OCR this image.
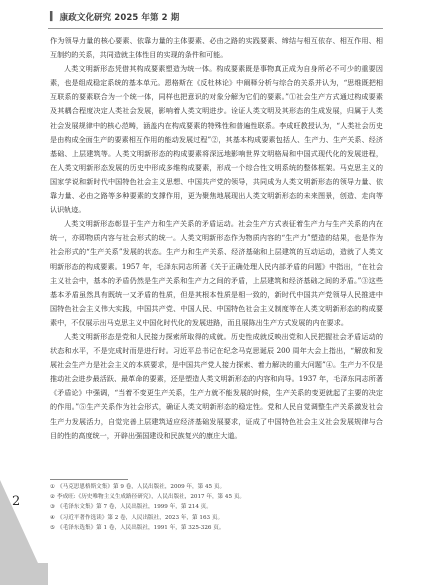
▍ 康政文化研究 2025 年第 2 期

作为领导力量的核心要素、依靠力量的主体要素、必由之路的实践要素、缔结与相互依存、相互作用、相互制约的关系，共同造就主体性目的实现的条件和可能。

人类文明新形态凭借其构成要素塑造为统一体。构成要素既是事物真正成为自身所必不可少的重要因素，也是组成稳定系统的基本单元。恩格斯在《反杜林论》中阐释分析与综合的关系并认为，“思维既把相互联系的要素联合为一个统一体，同样也把意识的对象分解为它们的要素。”①社会生产方式通过构成要素及其耦合程度决定人类社会发展，影响着人类文明进步。诠证人类文明及其形态的生成发展，归属于人类社会发展规律中的核心范畴，涵盖内在构成要素的特殊性和普遍性联系。李成旺教授认为，“人类社会历史是由构成全面生产的要素相互作用的能动发展过程”②，其基本构成要素包括人、生产力、生产关系、经济基础、上层建筑等。人类文明新形态的构成要素将深远地影响世界文明格局和中国式现代化的发展进程，在人类文明新形态发展的历史中形成多维构成要素，形成一个综合性文明系统的整体框架。马克思主义的国家学说和新时代中国特色社会主义思想、中国共产党的领导，共同成为人类文明新形态的领导力量、依靠力量、必由之路等多种要素的支撑作用，更为聚焦地展现出人类文明新形态的未来图景，创造、走向等认识轨迹。

人类文明新形态彰显于生产力和生产关系的矛盾运动。社会生产方式表征着生产力与生产关系的内在统一，亦即物质内容与社会形式的统一。人类文明新形态作为物质内容的“生产力”塑造的结果，也是作为社会形式的“生产关系”发展的状态。生产力和生产关系、经济基础和上层建筑的互动运动，造就了人类文明新形态的构成要素。1957 年，毛泽东同志所著《关于正确处理人民内部矛盾的问题》中指出，“在社会主义社会中，基本的矛盾仍然是生产关系和生产力之间的矛盾，上层建筑和经济基础之间的矛盾。”③这些基本矛盾虽然具有既统一又矛盾的性质，但是其根本性质是相一致的，新时代中国共产党领导人民推进中国特色社会主义伟大实践，中国共产党、中国人民、中国特色社会主义制度等在人类文明新形态的构成要素中，不仅展示出马克思主义中国化时代化的发展进路，而且展陈出生产方式发展的内在要求。

人类文明新形态是党和人民接力探索所取得的成就。历史性成就反映出党和人民把握社会矛盾运动的状态和水平，不是完成时而是进行时。习近平总书记在纪念马克思诞辰 200 周年大会上指出，“解放和发展社会生产力是社会主义的本质要求，是中国共产党人接力探索、着力解决的重大问题”④。生产力不仅是推动社会进步最活跃、最革命的要素，还是塑造人类文明新形态的内容和向导。1937 年，毛泽东同志所著《矛盾论》中强调，“当着不变更生产关系，生产力就不能发展的时候，生产关系的变更就起了主要的决定的作用。”⑤生产关系作为社会形式，确证人类文明新形态的稳定性。党和人民自觉调整生产关系激发社会生产力发展活力，自觉完善上层建筑适应经济基础发展要求，证成了中国特色社会主义社会发展规律与合目的性的高度统一，开辟出强国建设和民族复兴的康庄大道。

① 《马克思恩格斯文集》第 9 卷，人民出版社，2009 年，第 45 页。
② 李成旺:《历史唯物主义生成路径研究》，人民出版社，2017 年，第 45 页。
③ 《毛泽东文集》第 7 卷，人民出版社，1999 年，第 214 页。
④ 《习近平著作选读》第 2 卷，人民出版社，2023 年，第 163 页。
⑤ 《毛泽东选集》第 1 卷，人民出版社，1991 年，第 325-326 页。
2
